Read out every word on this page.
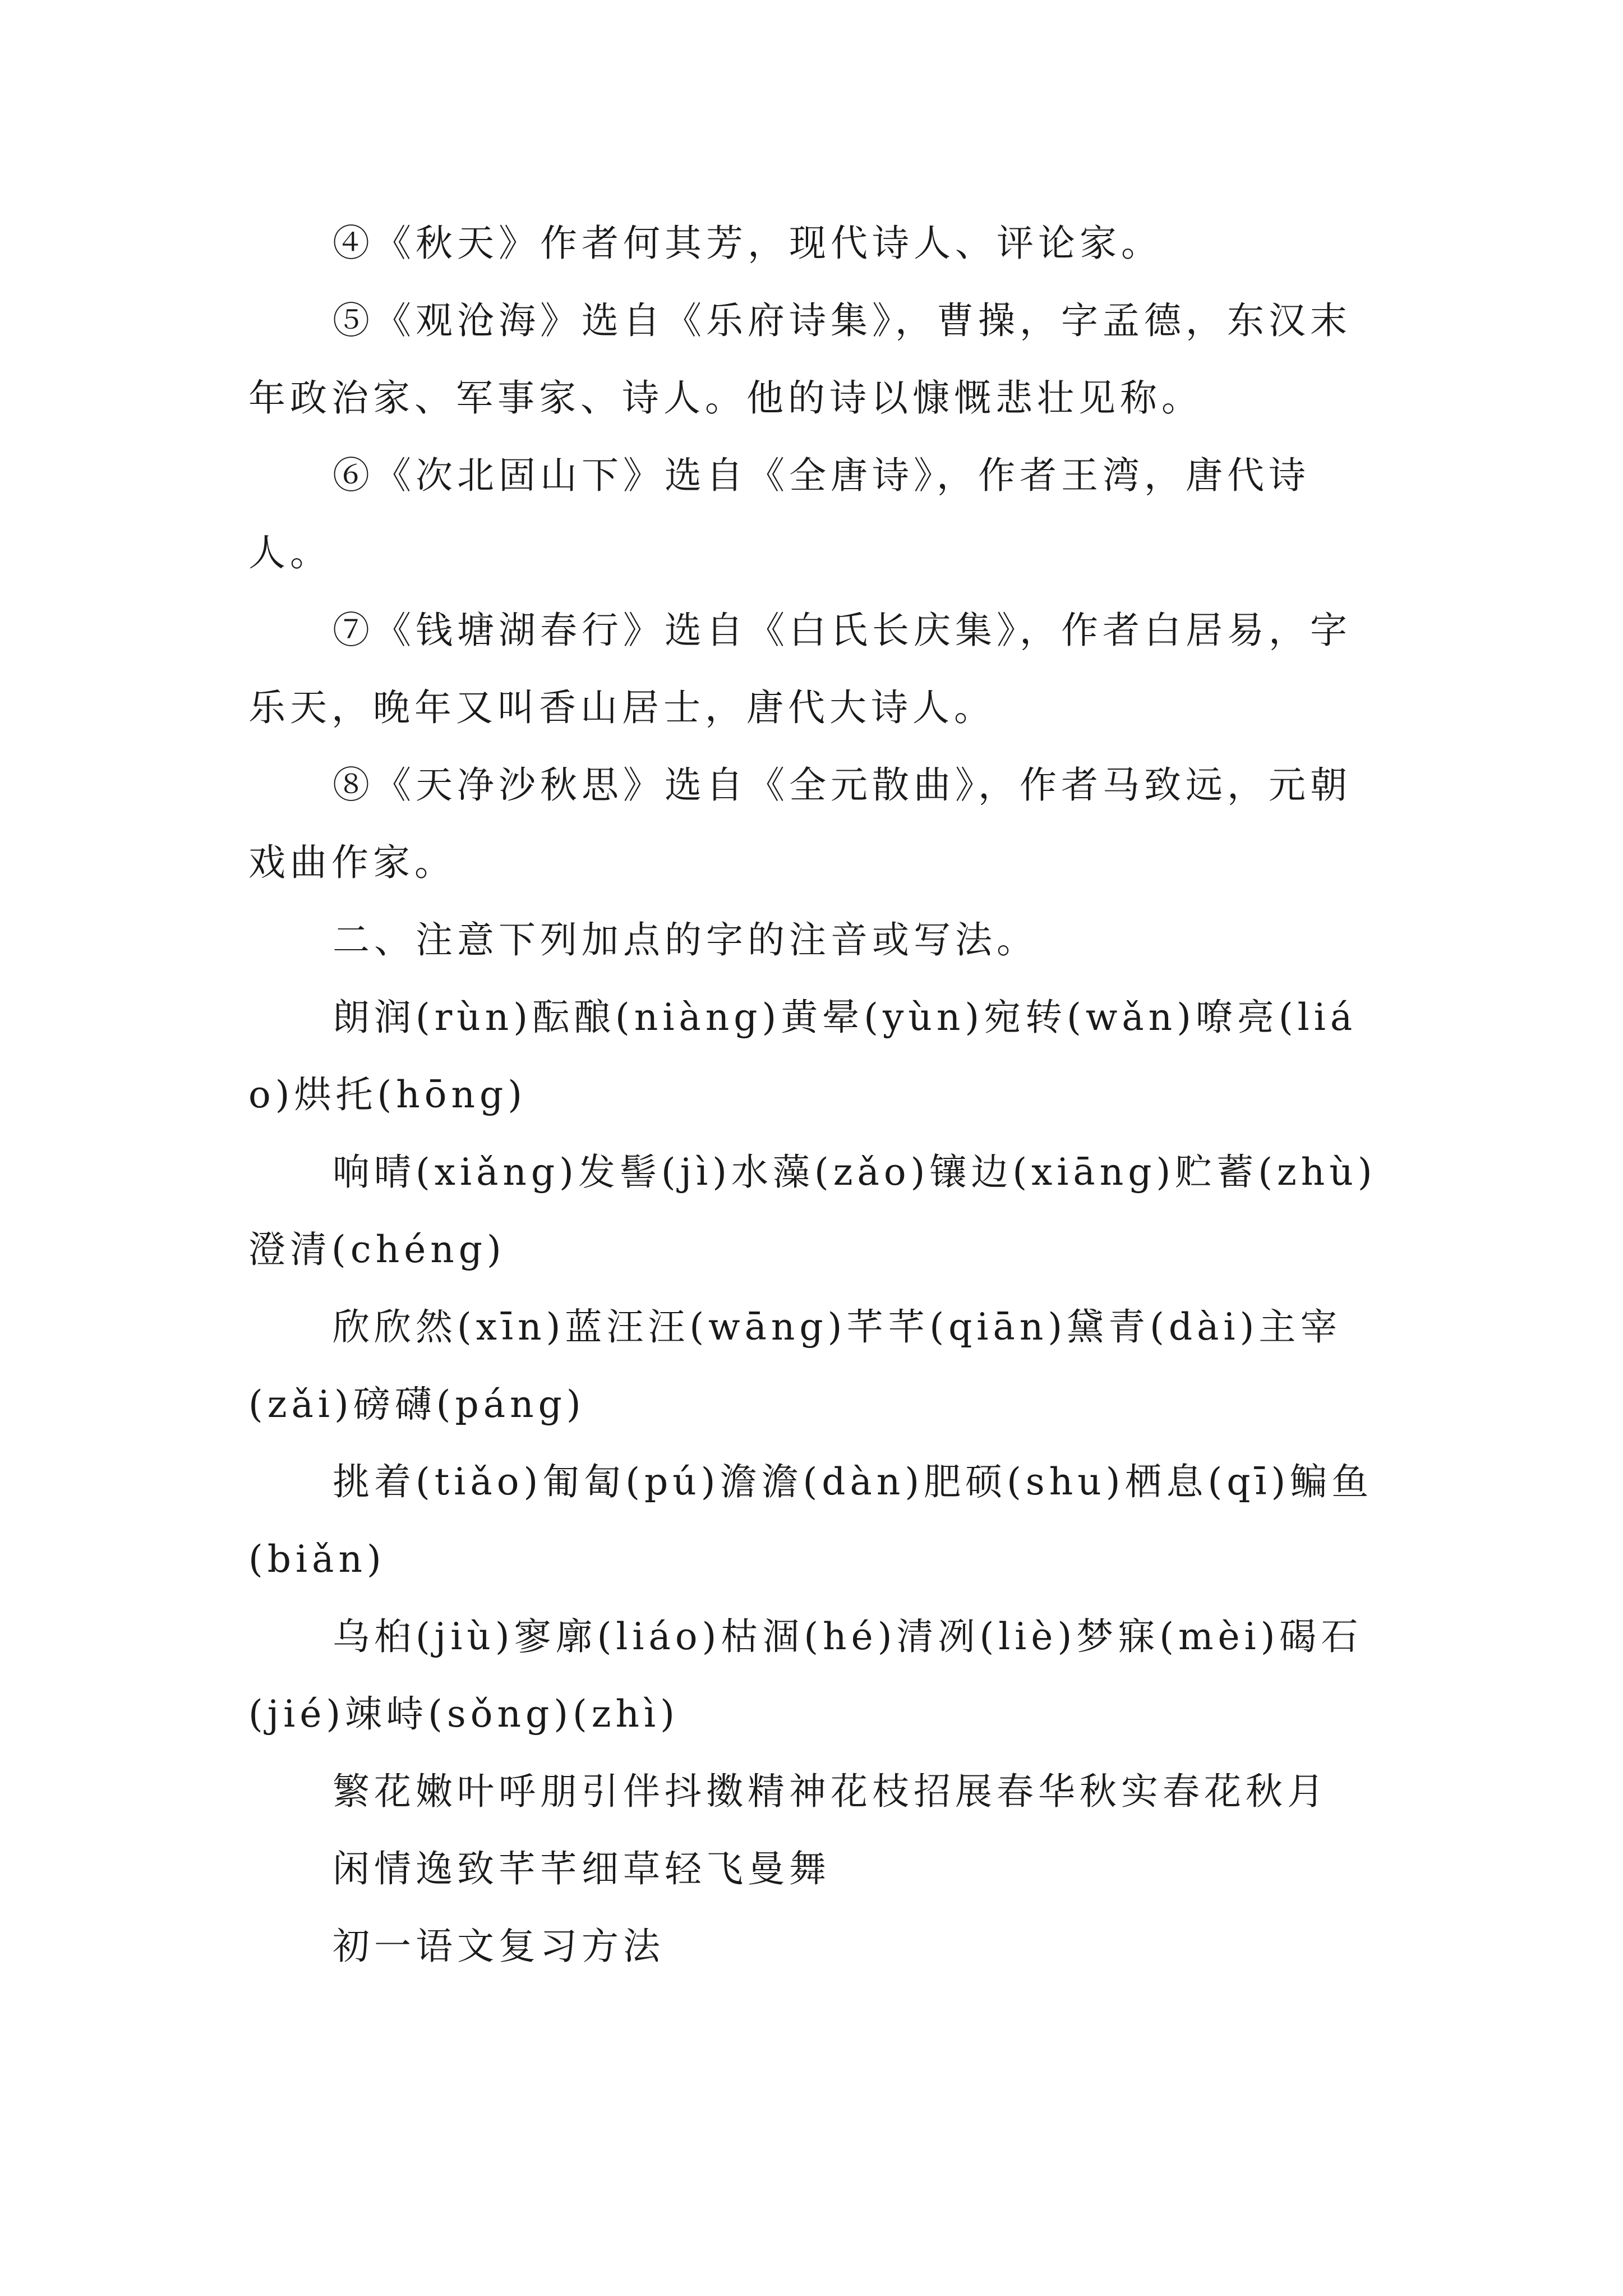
④《秋天》作者何其芳，现代诗人、评论家。

⑤《观沧海》选自《乐府诗集》，曹操，字孟德，东汉末年政治家、军事家、诗人。他的诗以慷慨悲壮见称。

⑥《次北固山下》选自《全唐诗》，作者王湾，唐代诗人。

⑦《钱塘湖春行》选自《白氏长庆集》，作者白居易，字乐天，晚年又叫香山居士，唐代大诗人。

⑧《天净沙秋思》选自《全元散曲》，作者马致远，元朝戏曲作家。

二、注意下列加点的字的注音或写法。

朗润(rùn)酝酿(niàng)黄晕(yùn)宛转(wǎn)嘹亮(liáo)烘托(hōng)

响晴(xiǎng)发髻(jì)水藻(zǎo)镶边(xiāng)贮蓄(zhù)澄清(chéng)

欣欣然(xīn)蓝汪汪(wāng)芊芊(qiān)黛青(dài)主宰(zǎi)磅礴(páng)

挑着(tiǎo)匍匐(pú)澹澹(dàn)肥硕(shu)栖息(qī)鳊鱼(biǎn)

乌桕(jiù)寥廓(liáo)枯涸(hé)清冽(liè)梦寐(mèi)碣石(jié)竦峙(sǒng)(zhì)

繁花嫩叶呼朋引伴抖擞精神花枝招展春华秋实春花秋月

闲情逸致芊芊细草轻飞曼舞

初一语文复习方法
